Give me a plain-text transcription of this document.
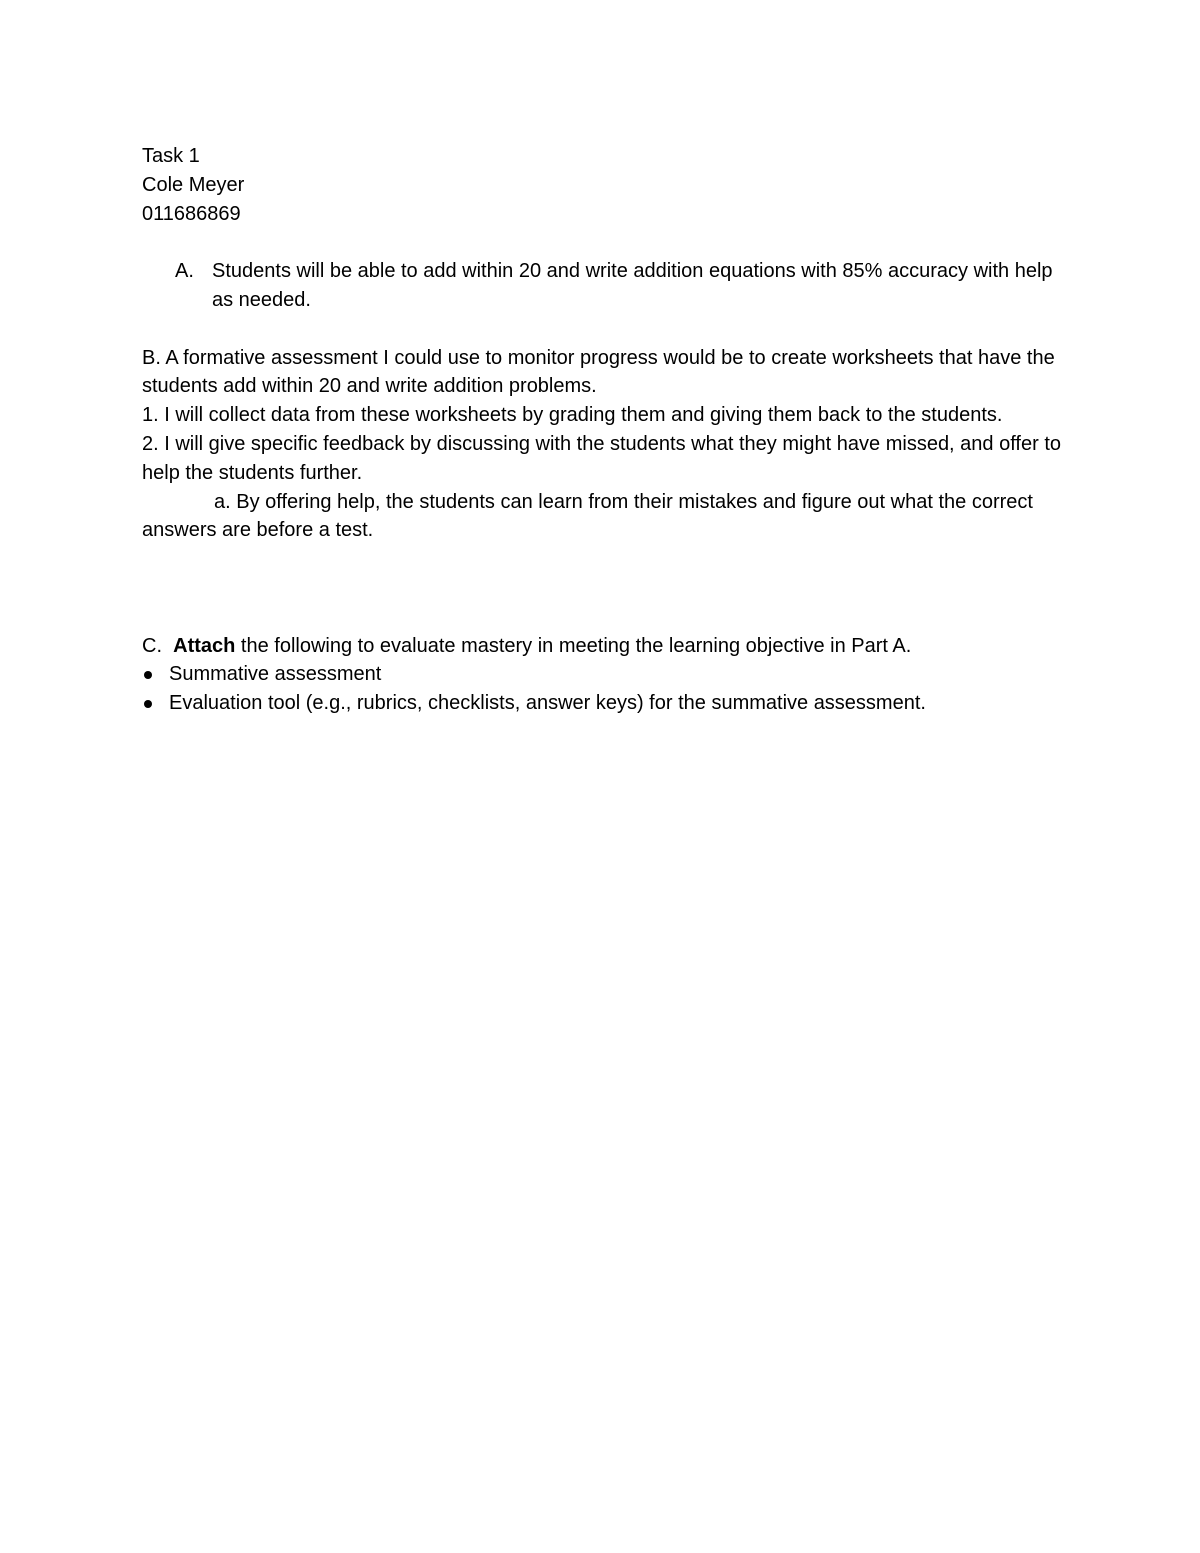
Task 1

Cole Meyer

011686869

A. Students will be able to add within 20 and write addition equations with 85% accuracy with help as needed.

B. A formative assessment I could use to monitor progress would be to create worksheets that have the students add within 20 and write addition problems.

1. I will collect data from these worksheets by grading them and giving them back to the students.

2. I will give specific feedback by discussing with the students what they might have missed, and offer to help the students further.

a. By offering help, the students can learn from their mistakes and figure out what the correct answers are before a test.

C. Attach the following to evaluate mastery in meeting the learning objective in Part A.

Summative assessment
Evaluation tool (e.g., rubrics, checklists, answer keys) for the summative assessment.
